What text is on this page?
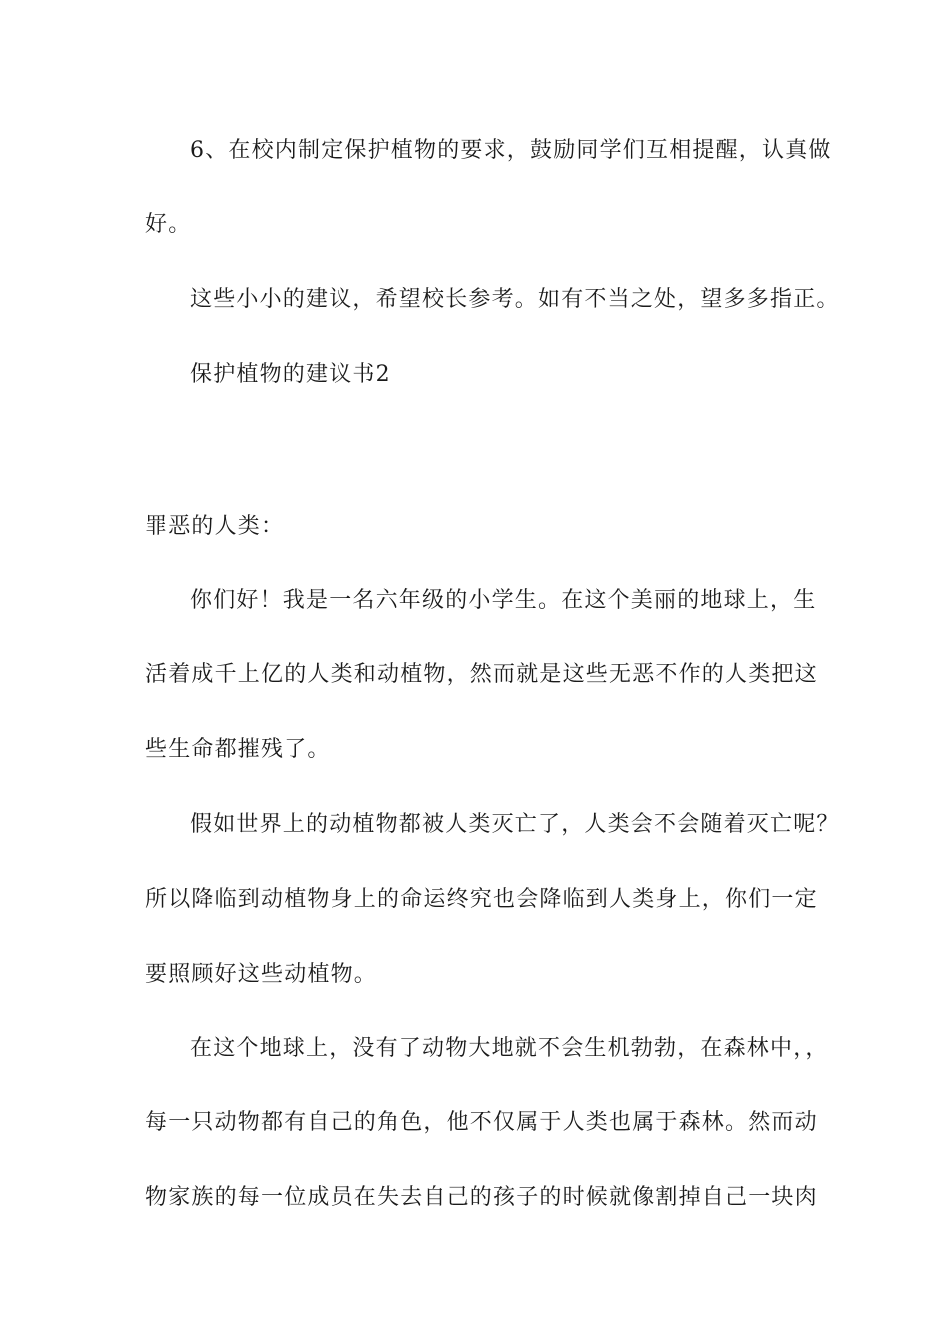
6、在校内制定保护植物的要求，鼓励同学们互相提醒，认真做
好。
这些小小的建议，希望校长参考。如有不当之处，望多多指正。
保护植物的建议书2
罪恶的人类：
你们好！我是一名六年级的小学生。在这个美丽的地球上，生
活着成千上亿的人类和动植物，然而就是这些无恶不作的人类把这
些生命都摧残了。
假如世界上的动植物都被人类灭亡了，人类会不会随着灭亡呢？
所以降临到动植物身上的命运终究也会降临到人类身上，你们一定
要照顾好这些动植物。
在这个地球上，没有了动物大地就不会生机勃勃，在森林中，，
每一只动物都有自己的角色，他不仅属于人类也属于森林。然而动
物家族的每一位成员在失去自己的孩子的时候就像割掉自己一块肉
